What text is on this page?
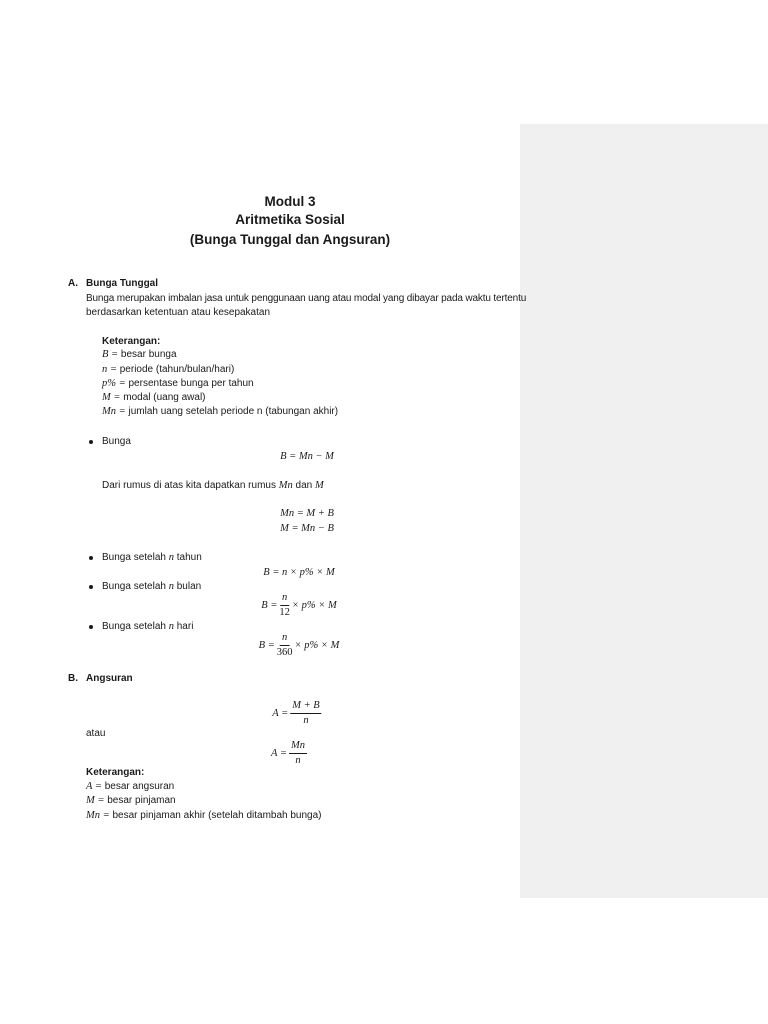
Modul 3
Aritmetika Sosial
(Bunga Tunggal dan Angsuran)
A. Bunga Tunggal
Bunga merupakan imbalan jasa untuk penggunaan uang atau modal yang dibayar pada waktu tertentu
berdasarkan ketentuan atau kesepakatan
Keterangan:
B = besar bunga
n = periode (tahun/bulan/hari)
p% = persentase bunga per tahun
M = modal (uang awal)
Mn = jumlah uang setelah periode n (tabungan akhir)
Bunga
B = Mn − M
Dari rumus di atas kita dapatkan rumus Mn dan M
Mn = M + B
M = Mn − B
Bunga setelah n tahun
B = n × p% × M
Bunga setelah n bulan
$B = \frac{n}{12} \times p\% \times M$
Bunga setelah n hari
$B = \frac{n}{360} \times p\% \times M$
B. Angsuran
$A = \frac{M + B}{n}$
atau
$A = \frac{Mn}{n}$
Keterangan:
A = besar angsuran
M = besar pinjaman
Mn = besar pinjaman akhir (setelah ditambah bunga)
